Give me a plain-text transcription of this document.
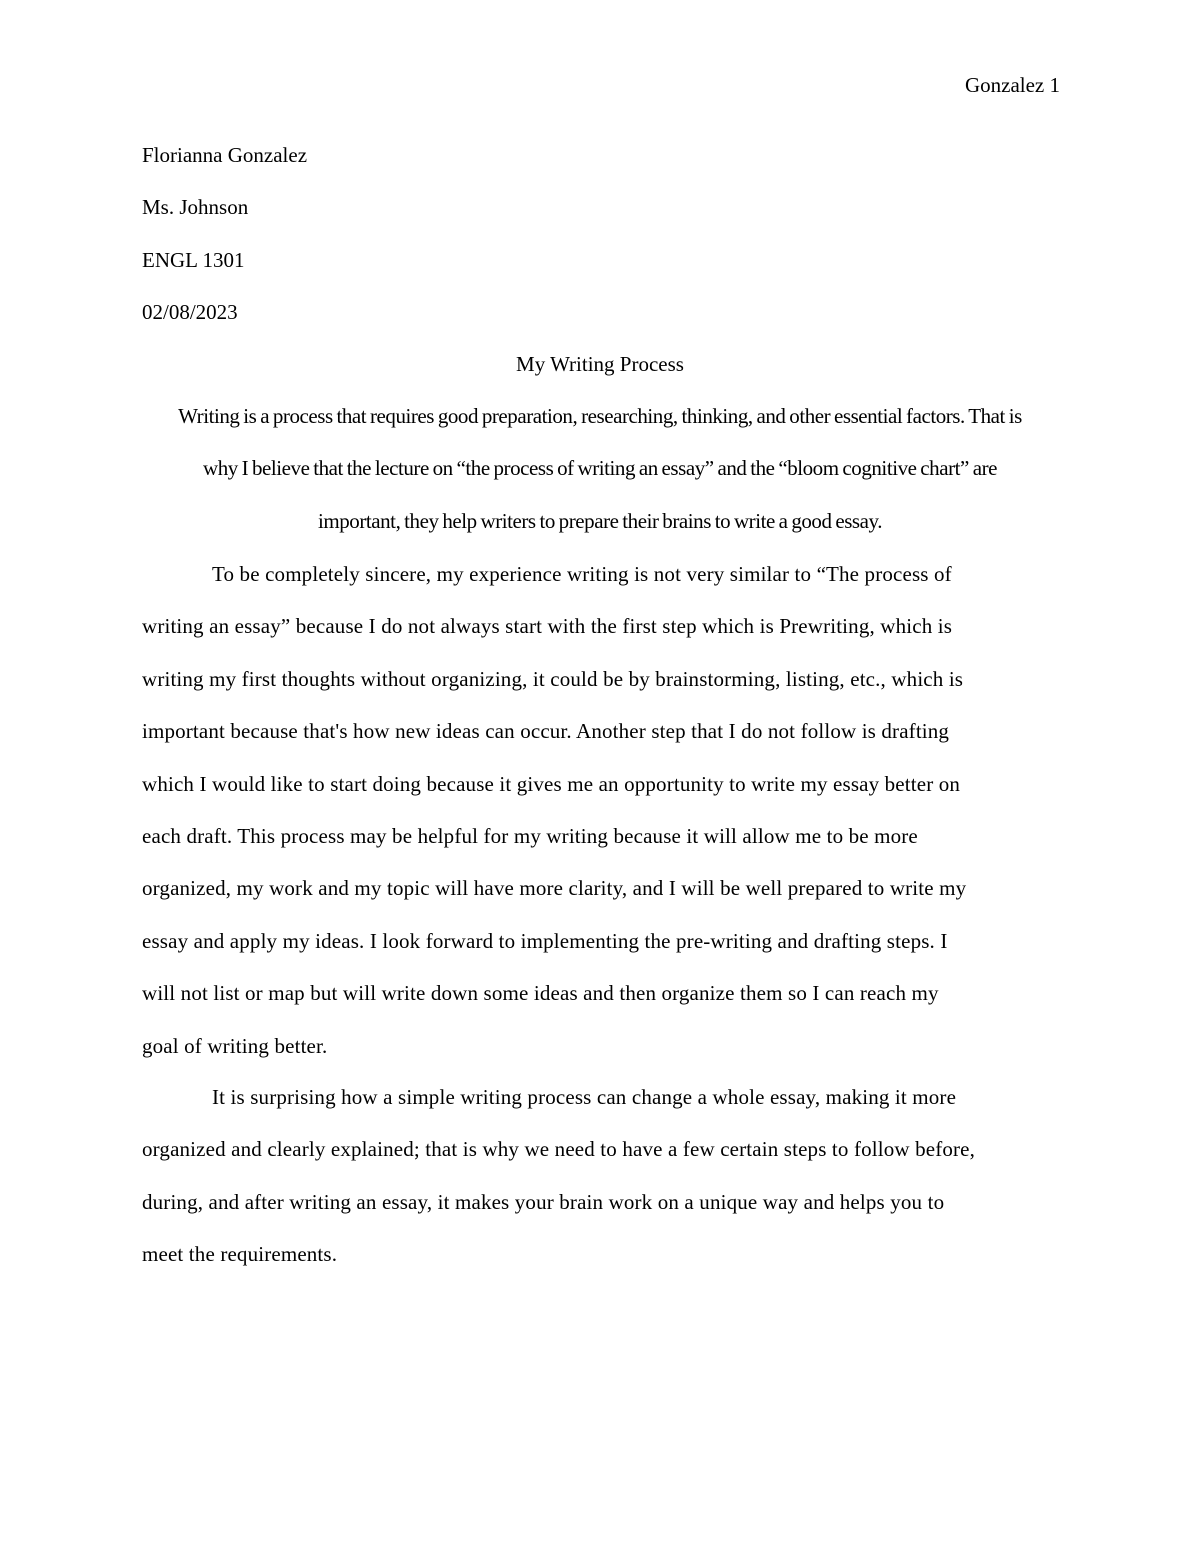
Gonzalez 1
Florianna Gonzalez
Ms. Johnson
ENGL 1301
02/08/2023
My Writing Process
Writing is a process that requires good preparation, researching, thinking, and other essential factors. That is
why I believe that the lecture on “the process of writing an essay” and the “bloom cognitive chart” are
important, they help writers to prepare their brains to write a good essay.
To be completely sincere, my experience writing is not very similar to “The process of
writing an essay” because I do not always start with the first step which is Prewriting, which is
writing my first thoughts without organizing, it could be by brainstorming, listing, etc., which is
important because that's how new ideas can occur. Another step that I do not follow is drafting
which I would like to start doing because it gives me an opportunity to write my essay better on
each draft. This process may be helpful for my writing because it will allow me to be more
organized, my work and my topic will have more clarity, and I will be well prepared to write my
essay and apply my ideas. I look forward to implementing the pre-writing and drafting steps. I
will not list or map but will write down some ideas and then organize them so I can reach my
goal of writing better.
It is surprising how a simple writing process can change a whole essay, making it more
organized and clearly explained; that is why we need to have a few certain steps to follow before,
during, and after writing an essay, it makes your brain work on a unique way and helps you to
meet the requirements.
